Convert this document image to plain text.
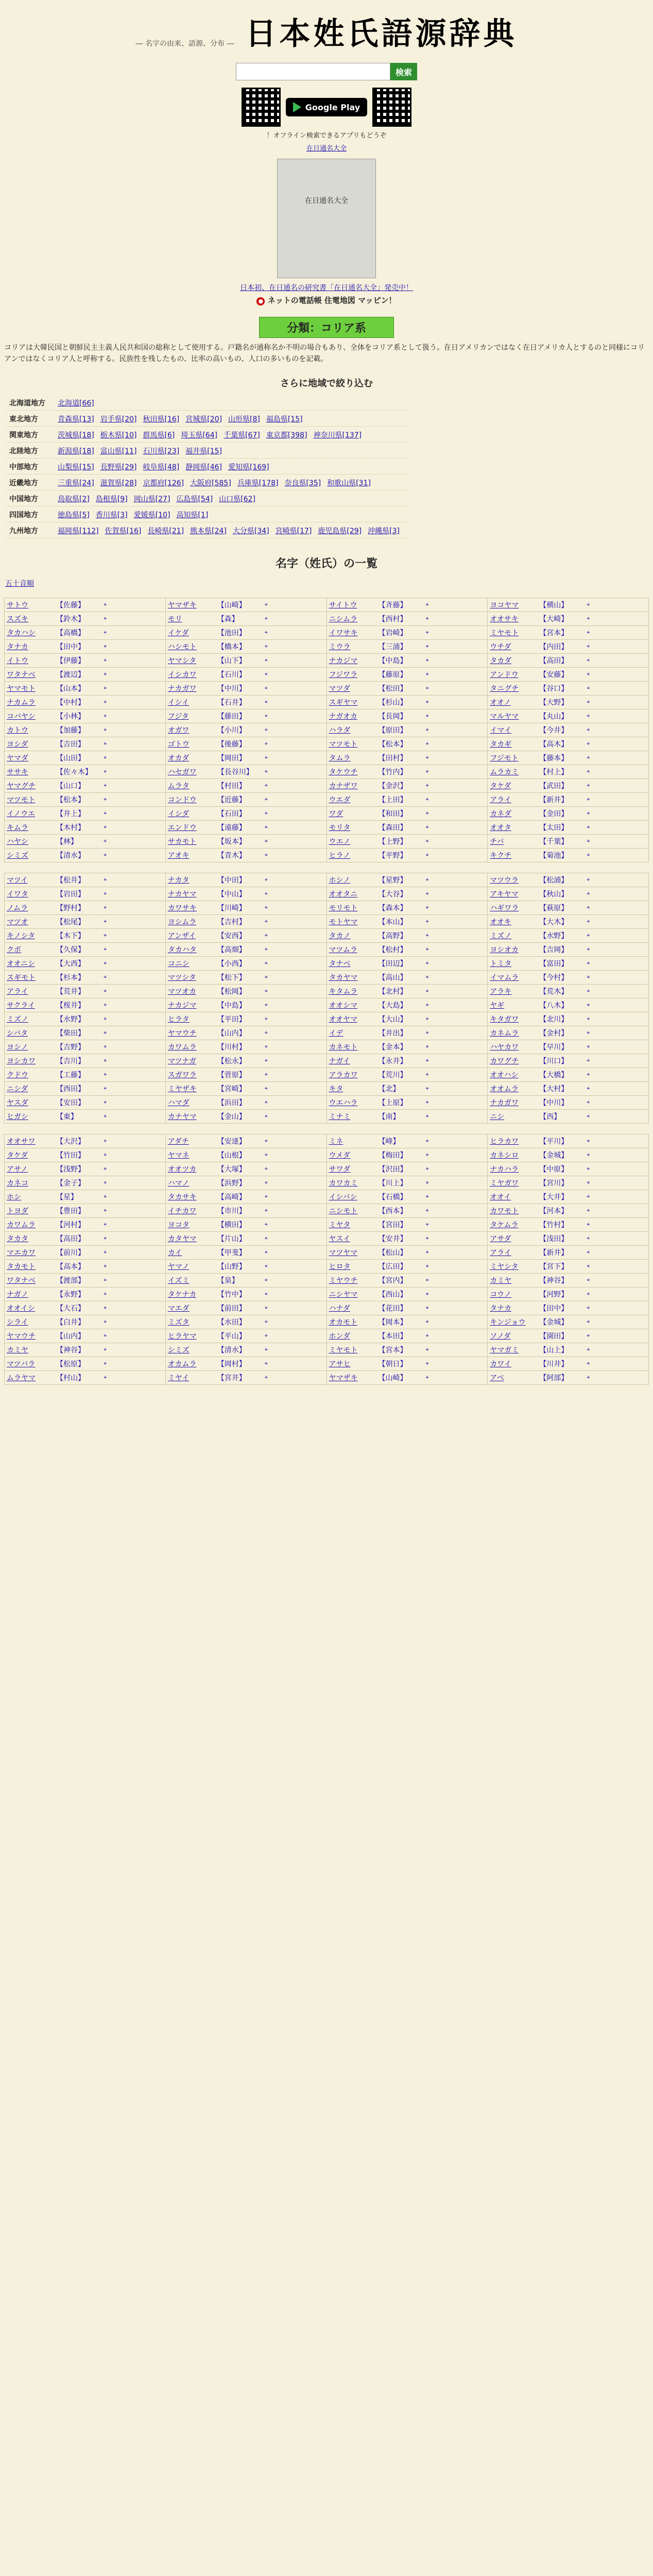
― 名字の由来、語源、分布 ― 日本姓氏語源辞典
検索
Google Play
！オフライン検索できるアプリもどうぞ
在日通名大全
在日通名大全
日本初、在日通名の研究書「在日通名大全」発売中！
● ネットの電話帳 住電地図 マッピン！
分類：コリア系
コリアは大韓民国と朝鮮民主主義人民共和国の総称として使用する。戸籍名が通称名か不明の場合もあり、全体をコリア系として扱う。在日アメリカンではなく在日アメリカ人とするのと同様にコリアンではなくコリア人と呼称する。民族性を残したもの、比率の高いもの、人口の多いものを記載。
さらに地域で絞り込む
北海道地方	北海道[66]
東北地方	青森県[13] 岩手県[20] 秋田県[16] 宮城県[20] 山形県[8] 福島県[15]
関東地方	茨城県[18] 栃木県[10] 群馬県[6] 埼玉県[64] 千葉県[67] 東京都[398] 神奈川県[137]
北陸地方	新潟県[18] 富山県[11] 石川県[23] 福井県[15]
中部地方	山梨県[15] 長野県[29] 岐阜県[48] 静岡県[46] 愛知県[169]
近畿地方	三重県[24] 滋賀県[28] 京都府[126] 大阪府[585] 兵庫県[178] 奈良県[35] 和歌山県[31]
中国地方	鳥取県[2] 島根県[9] 岡山県[27] 広島県[54] 山口県[62]
四国地方	徳島県[5] 香川県[3] 愛媛県[10] 高知県[1]
九州地方	福岡県[112] 佐賀県[16] 長崎県[21] 熊本県[24] 大分県[34] 宮崎県[17] 鹿児島県[29] 沖縄県[3]
名字（姓氏）の一覧
五十音順
サトウ 【佐藤】 ⌖	ヤマザキ 【山崎】 ⌖	サイトウ 【斉藤】 ⌖	ヨコヤマ 【横山】 ⌖

スズキ 【鈴木】 ⌖	モリ 【森】 ⌖	ニシムラ 【西村】 ⌖	オオサキ 【大崎】 ⌖

タカハシ 【高橋】 ⌖	イケダ 【池田】 ⌖	イワサキ 【岩崎】 ⌖	ミヤモト 【宮本】 ⌖

タナカ 【田中】 ⌖	ハシモト 【橋本】 ⌖	ミウラ 【三浦】 ⌖	ウチダ 【内田】 ⌖

イトウ 【伊藤】 ⌖	ヤマシタ 【山下】 ⌖	ナカジマ 【中島】 ⌖	タカダ 【高田】 ⌖

ワタナベ 【渡辺】 ⌖	イシカワ 【石川】 ⌖	フジワラ 【藤原】 ⌖	アンドウ 【安藤】 ⌖

ヤマモト 【山本】 ⌖	ナカガワ 【中川】 ⌖	マツダ 【松田】 ⌖	タニグチ 【谷口】 ⌖

ナカムラ 【中村】 ⌖	イシイ 【石井】 ⌖	スギヤマ 【杉山】 ⌖	オオノ 【大野】 ⌖

コバヤシ 【小林】 ⌖	フジタ 【藤田】 ⌖	ナガオカ 【長岡】 ⌖	マルヤマ 【丸山】 ⌖

カトウ 【加藤】 ⌖	オガワ 【小川】 ⌖	ハラダ 【原田】 ⌖	イマイ 【今井】 ⌖

ヨシダ 【吉田】 ⌖	ゴトウ 【後藤】 ⌖	マツモト 【松本】 ⌖	タカギ 【高木】 ⌖

ヤマダ 【山田】 ⌖	オカダ 【岡田】 ⌖	タムラ 【田村】 ⌖	フジモト 【藤本】 ⌖

ササキ 【佐々木】 ⌖	ハセガワ 【長谷川】 ⌖	タケウチ 【竹内】 ⌖	ムラカミ 【村上】 ⌖

ヤマグチ 【山口】 ⌖	ムラタ 【村田】 ⌖	カナザワ 【金沢】 ⌖	タケダ 【武田】 ⌖

マツモト 【松本】 ⌖	コンドウ 【近藤】 ⌖	ウエダ 【上田】 ⌖	アライ 【新井】 ⌖

イノウエ 【井上】 ⌖	イシダ 【石田】 ⌖	ワダ 【和田】 ⌖	カネダ 【金田】 ⌖

キムラ 【木村】 ⌖	エンドウ 【遠藤】 ⌖	モリタ 【森田】 ⌖	オオタ 【太田】 ⌖

ハヤシ 【林】 ⌖	サカモト 【坂本】 ⌖	ウエノ 【上野】 ⌖	チバ 【千葉】 ⌖

シミズ 【清水】 ⌖	アオキ 【青木】 ⌖	ヒラノ 【平野】 ⌖	キクチ 【菊池】 ⌖
マツイ 【松井】 ⌖	ナカタ 【中田】 ⌖	ホシノ 【星野】 ⌖	マツウラ 【松浦】 ⌖

イワタ 【岩田】 ⌖	ナカヤマ 【中山】 ⌖	オオタニ 【大谷】 ⌖	アキヤマ 【秋山】 ⌖

ノムラ 【野村】 ⌖	カワサキ 【川崎】 ⌖	モリモト 【森本】 ⌖	ハギワラ 【萩原】 ⌖

マツオ 【松尾】 ⌖	ヨシムラ 【吉村】 ⌖	モトヤマ 【本山】 ⌖	オオキ 【大木】 ⌖

キノシタ 【木下】 ⌖	アンザイ 【安西】 ⌖	タカノ 【高野】 ⌖	ミズノ 【水野】 ⌖

クボ 【久保】 ⌖	タカハタ 【高畑】 ⌖	マツムラ 【松村】 ⌖	ヨシオカ 【吉岡】 ⌖

オオニシ 【大西】 ⌖	コニシ 【小西】 ⌖	タナベ 【田辺】 ⌖	トミタ 【富田】 ⌖

スギモト 【杉本】 ⌖	マツシタ 【松下】 ⌖	タカヤマ 【高山】 ⌖	イマムラ 【今村】 ⌖

アライ 【荒井】 ⌖	マツオカ 【松岡】 ⌖	キタムラ 【北村】 ⌖	アラキ 【荒木】 ⌖

サクライ 【桜井】 ⌖	ナカジマ 【中島】 ⌖	オオシマ 【大島】 ⌖	ヤギ 【八木】 ⌖

ミズノ 【水野】 ⌖	ヒラタ 【平田】 ⌖	オオヤマ 【大山】 ⌖	キタガワ 【北川】 ⌖

シバタ 【柴田】 ⌖	ヤマウチ 【山内】 ⌖	イデ 【井出】 ⌖	カネムラ 【金村】 ⌖

ヨシノ 【吉野】 ⌖	カワムラ 【川村】 ⌖	カネモト 【金本】 ⌖	ハヤカワ 【早川】 ⌖

ヨシカワ 【吉川】 ⌖	マツナガ 【松永】 ⌖	ナガイ 【永井】 ⌖	カワグチ 【川口】 ⌖

クドウ 【工藤】 ⌖	スガワラ 【菅原】 ⌖	アラカワ 【荒川】 ⌖	オオハシ 【大橋】 ⌖

ニシダ 【西田】 ⌖	ミヤザキ 【宮崎】 ⌖	キタ 【北】 ⌖	オオムラ 【大村】 ⌖

ヤスダ 【安田】 ⌖	ハマダ 【浜田】 ⌖	ウエハラ 【上原】 ⌖	ナカガワ 【中川】 ⌖

ヒガシ 【東】 ⌖	カナヤマ 【金山】 ⌖	ミナミ 【南】 ⌖	ニシ 【西】 ⌖
オオサワ 【大沢】 ⌖	アダチ 【安達】 ⌖	ミネ 【峰】 ⌖	ヒラカワ 【平川】 ⌖

タケダ 【竹田】 ⌖	ヤマネ 【山根】 ⌖	ウメダ 【梅田】 ⌖	カネシロ 【金城】 ⌖

アサノ 【浅野】 ⌖	オオツカ 【大塚】 ⌖	サワダ 【沢田】 ⌖	ナカハラ 【中原】 ⌖

カネコ 【金子】 ⌖	ハマノ 【浜野】 ⌖	カワカミ 【川上】 ⌖	ミヤガワ 【宮川】 ⌖

ホシ 【星】 ⌖	タカサキ 【高崎】 ⌖	イシバシ 【石橋】 ⌖	オオイ 【大井】 ⌖

トヨダ 【豊田】 ⌖	イチカワ 【市川】 ⌖	ニシモト 【西本】 ⌖	カワモト 【河本】 ⌖

カワムラ 【河村】 ⌖	ヨコタ 【横田】 ⌖	ミヤタ 【宮田】 ⌖	タケムラ 【竹村】 ⌖

タカタ 【高田】 ⌖	カタヤマ 【片山】 ⌖	ヤスイ 【安井】 ⌖	アサダ 【浅田】 ⌖

マエカワ 【前川】 ⌖	カイ 【甲斐】 ⌖	マツヤマ 【松山】 ⌖	アライ 【新井】 ⌖

タカモト 【高本】 ⌖	ヤマノ 【山野】 ⌖	ヒロタ 【広田】 ⌖	ミヤシタ 【宮下】 ⌖

ワタナベ 【渡部】 ⌖	イズミ 【泉】 ⌖	ミヤウチ 【宮内】 ⌖	カミヤ 【神谷】 ⌖

ナガノ 【永野】 ⌖	タケナカ 【竹中】 ⌖	ニシヤマ 【西山】 ⌖	コウノ 【河野】 ⌖

オオイシ 【大石】 ⌖	マエダ 【前田】 ⌖	ハナダ 【花田】 ⌖	タナカ 【田中】 ⌖

シライ 【白井】 ⌖	ミズタ 【水田】 ⌖	オカモト 【岡本】 ⌖	キンジョウ 【金城】 ⌖

ヤマウチ 【山内】 ⌖	ヒラヤマ 【平山】 ⌖	ホンダ 【本田】 ⌖	ソノダ 【園田】 ⌖

カミヤ 【神谷】 ⌖	シミズ 【清水】 ⌖	ミヤモト 【宮本】 ⌖	ヤマガミ 【山上】 ⌖

マツバラ 【松原】 ⌖	オカムラ 【岡村】 ⌖	アサヒ 【朝日】 ⌖	カワイ 【川井】 ⌖

ムラヤマ 【村山】 ⌖	ミヤイ 【宮井】 ⌖	ヤマザキ 【山崎】 ⌖	アベ 【阿部】 ⌖
